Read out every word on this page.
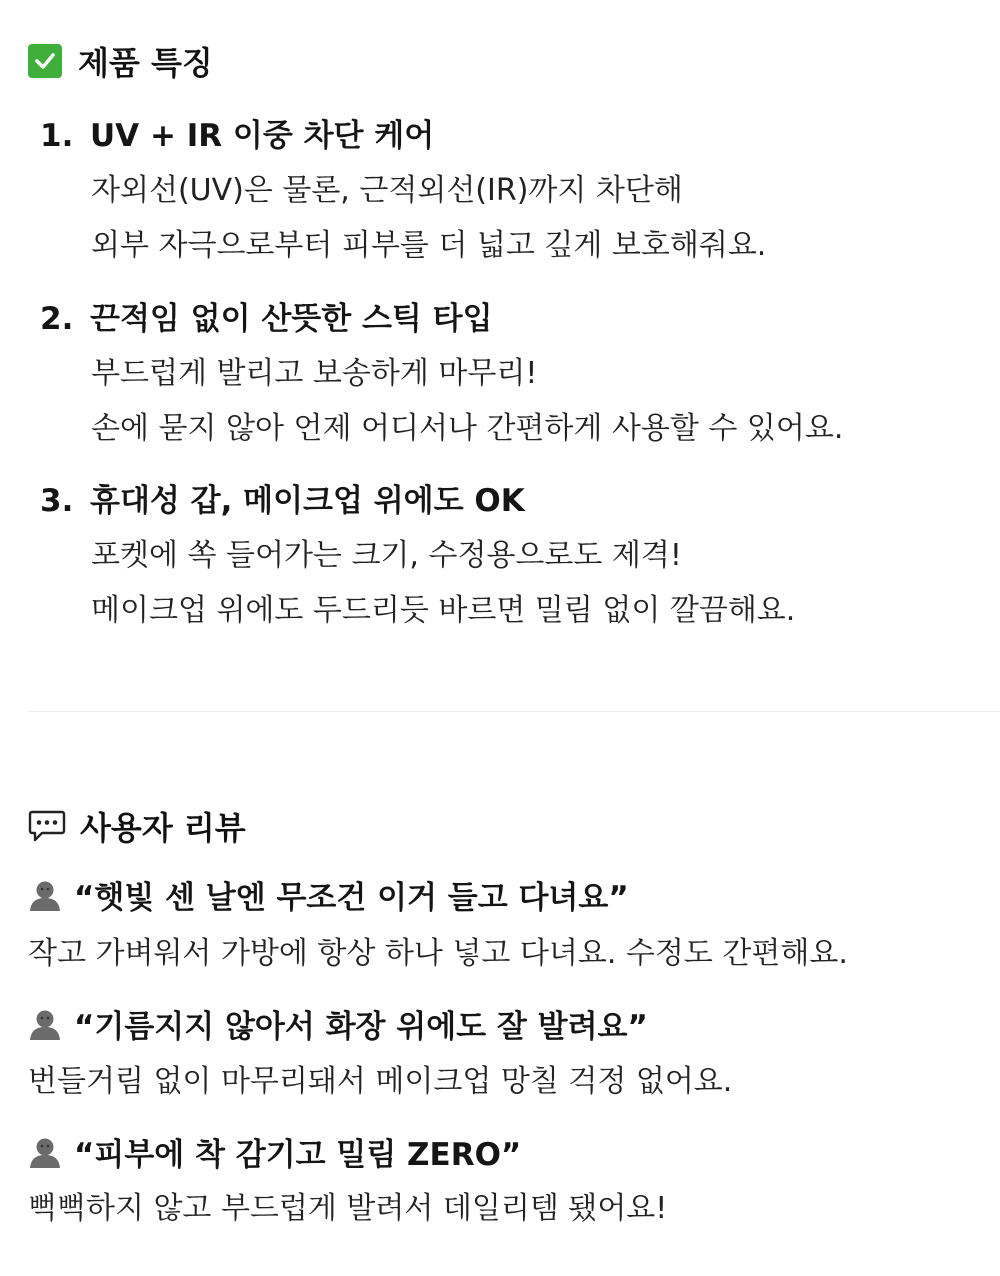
제품 특징
1. UV + IR 이중 차단 케어
자외선(UV)은 물론, 근적외선(IR)까지 차단해
외부 자극으로부터 피부를 더 넓고 깊게 보호해줘요.
2. 끈적임 없이 산뜻한 스틱 타입
부드럽게 발리고 보송하게 마무리!
손에 묻지 않아 언제 어디서나 간편하게 사용할 수 있어요.
3. 휴대성 갑, 메이크업 위에도 OK
포켓에 쏙 들어가는 크기, 수정용으로도 제격!
메이크업 위에도 두드리듯 바르면 밀림 없이 깔끔해요.
사용자 리뷰
“햇빛 센 날엔 무조건 이거 들고 다녀요”
작고 가벼워서 가방에 항상 하나 넣고 다녀요. 수정도 간편해요.
“기름지지 않아서 화장 위에도 잘 발려요”
번들거림 없이 마무리돼서 메이크업 망칠 걱정 없어요.
“피부에 착 감기고 밀림 ZERO”
뻑뻑하지 않고 부드럽게 발려서 데일리템 됐어요!
